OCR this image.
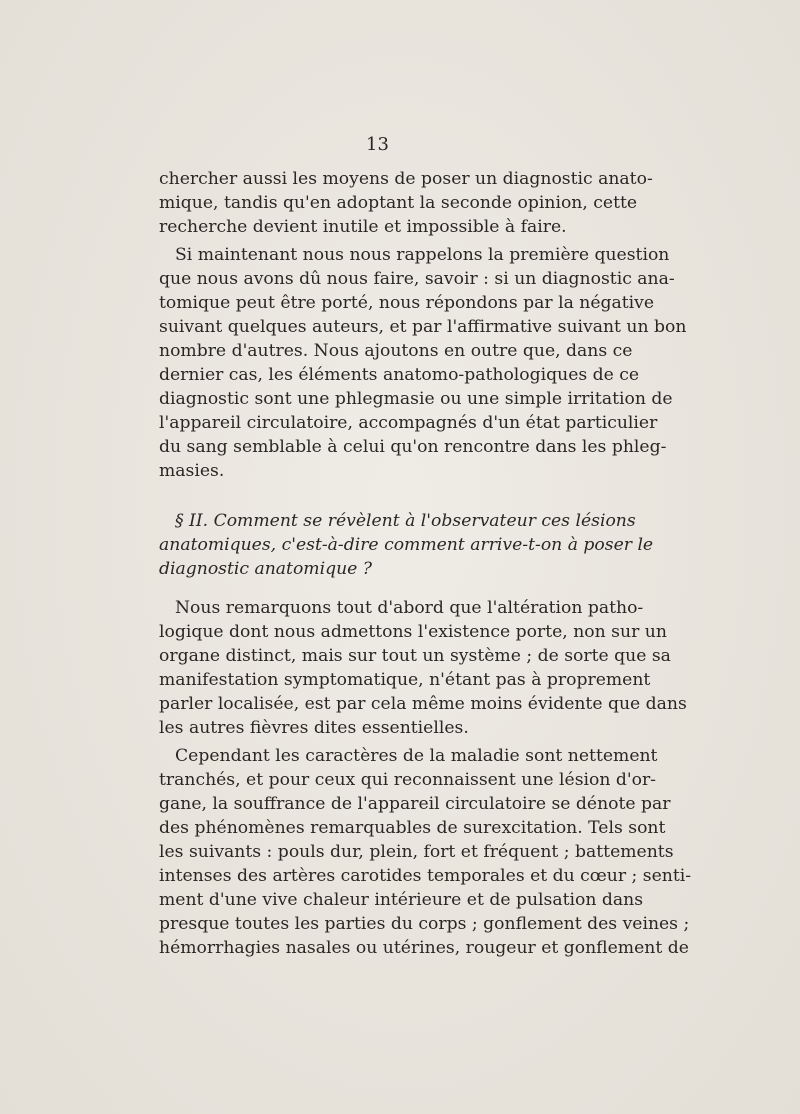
13
chercher aussi les moyens de poser un diagnostic anato-
mique, tandis qu'en adoptant la seconde opinion, cette
recherche devient inutile et impossible à faire.
Si maintenant nous nous rappelons la première question
que nous avons dû nous faire, savoir : si un diagnostic ana-
tomique peut être porté, nous répondons par la négative
suivant quelques auteurs, et par l'affirmative suivant un bon
nombre d'autres. Nous ajoutons en outre que, dans ce
dernier cas, les éléments anatomo-pathologiques de ce
diagnostic sont une phlegmasie ou une simple irritation de
l'appareil circulatoire, accompagnés d'un état particulier
du sang semblable à celui qu'on rencontre dans les phleg-
masies.
§ II. Comment se révèlent à l'observateur ces lésions
anatomiques, c'est-à-dire comment arrive-t-on à poser le
diagnostic anatomique ?
Nous remarquons tout d'abord que l'altération patho-
logique dont nous admettons l'existence porte, non sur un
organe distinct, mais sur tout un système ; de sorte que sa
manifestation symptomatique, n'étant pas à proprement
parler localisée, est par cela même moins évidente que dans
les autres fièvres dites essentielles.
Cependant les caractères de la maladie sont nettement
tranchés, et pour ceux qui reconnaissent une lésion d'or-
gane, la souffrance de l'appareil circulatoire se dénote par
des phénomènes remarquables de surexcitation. Tels sont
les suivants : pouls dur, plein, fort et fréquent ; battements
intenses des artères carotides temporales et du cœur ; senti-
ment d'une vive chaleur intérieure et de pulsation dans
presque toutes les parties du corps ; gonflement des veines ;
hémorrhagies nasales ou utérines, rougeur et gonflement de
